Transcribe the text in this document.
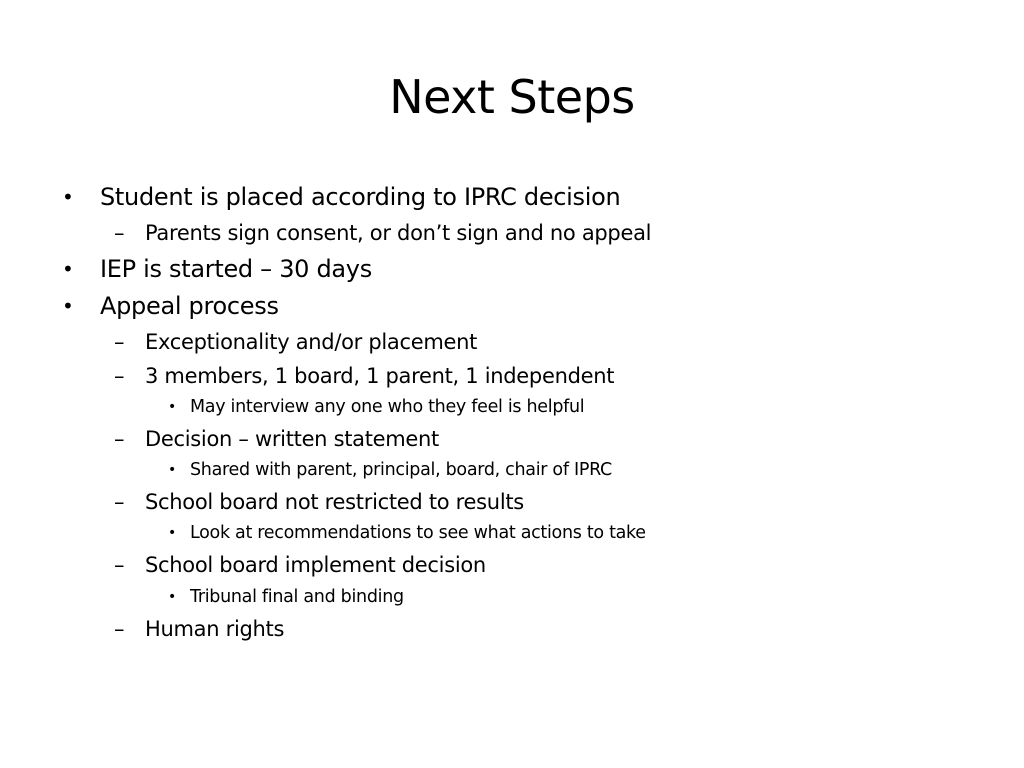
Next Steps
• Student is placed according to IPRC decision
– Parents sign consent, or don’t sign and no appeal
• IEP is started – 30 days
• Appeal process
– Exceptionality and/or placement
– 3 members, 1 board, 1 parent, 1 independent
• May interview any one who they feel is helpful
– Decision – written statement
• Shared with parent, principal, board, chair of IPRC
– School board not restricted to results
• Look at recommendations to see what actions to take
– School board implement decision
• Tribunal final and binding
– Human rights
